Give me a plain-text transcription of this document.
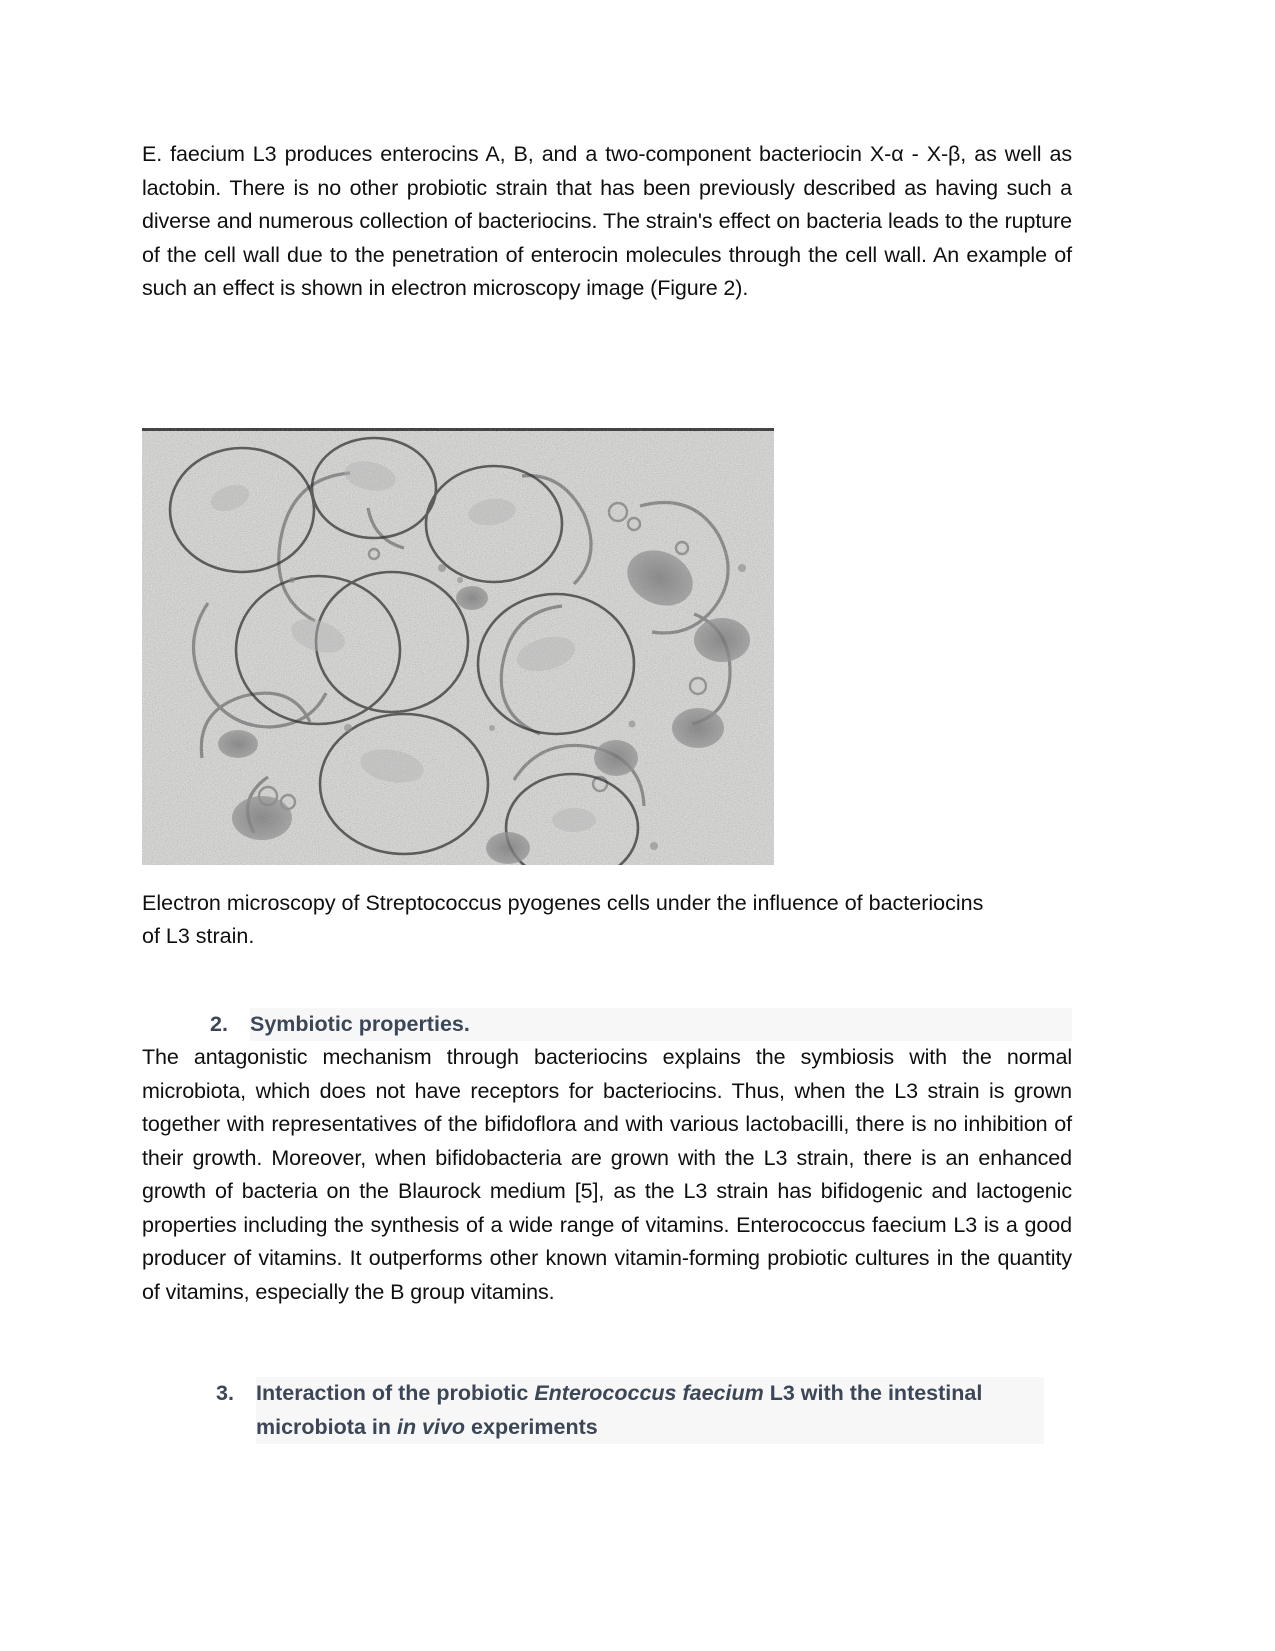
E. faecium L3 produces enterocins A, B, and a two-component bacteriocin X-α - X-β, as well as lactobin. There is no other probiotic strain that has been previously described as having such a diverse and numerous collection of bacteriocins. The strain's effect on bacteria leads to the rupture of the cell wall due to the penetration of enterocin molecules through the cell wall. An example of such an effect is shown in electron microscopy image (Figure 2).

Electron microscopy of Streptococcus pyogenes cells under the influence of bacteriocins of L3 strain.
2.	Symbiotic properties.

The antagonistic mechanism through bacteriocins explains the symbiosis with the normal microbiota, which does not have receptors for bacteriocins. Thus, when the L3 strain is grown together with representatives of the bifidoflora and with various lactobacilli, there is no inhibition of their growth. Moreover, when bifidobacteria are grown with the L3 strain, there is an enhanced growth of bacteria on the Blaurock medium [5], as the L3 strain has bifidogenic and lactogenic properties including the synthesis of a wide range of vitamins. Enterococcus faecium L3 is a good producer of vitamins. It outperforms other known vitamin-forming probiotic cultures in the quantity of vitamins, especially the B group vitamins.

3.	Interaction of the probiotic Enterococcus faecium L3 with the intestinal microbiota in in vivo experiments
